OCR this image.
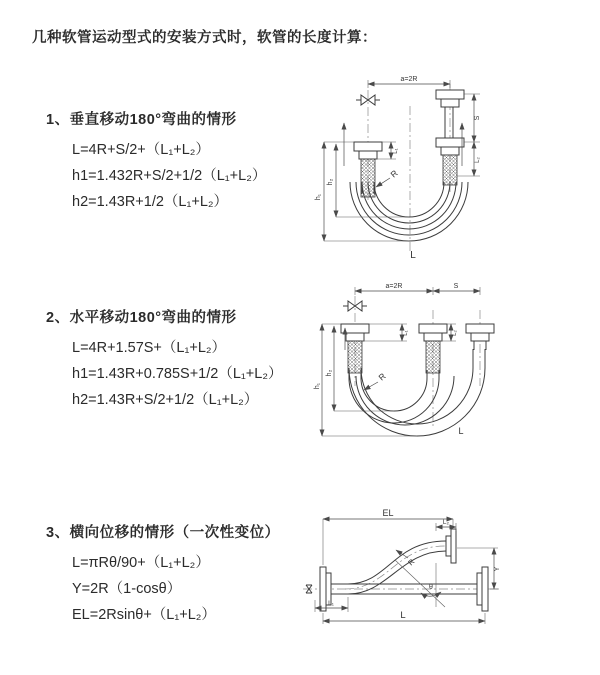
几种软管运动型式的安装方式时，软管的长度计算：
1、垂直移动180°弯曲的情形
L=4R+S/2+（L₁+L₂）
h1=1.432R+S/2+1/2（L₁+L₂）
h2=1.43R+1/2（L₁+L₂）
2、水平移动180°弯曲的情形
L=4R+1.57S+（L₁+L₂）
h1=1.43R+0.785S+1/2（L₁+L₂）
h2=1.43R+S/2+1/2（L₁+L₂）
3、横向位移的情形（一次性变位）
L=πRθ/90+（L₁+L₂）
Y=2R（1-cosθ）
EL=2Rsinθ+（L₁+L₂）
a=2R
h₁
h₂
L₁
S
L₂
R
L
a=2R	S
h₁
h₂
L₁	L₂
R
L
θ
EL
L₂
Y
R
L₁
L
